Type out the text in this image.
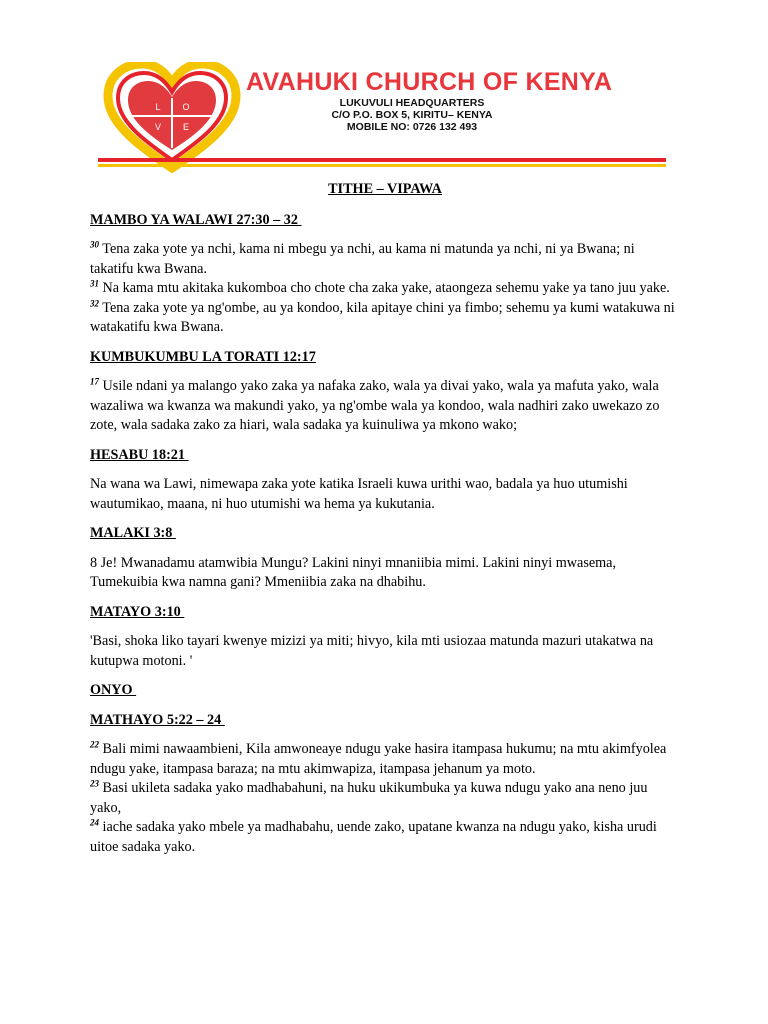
L O
V E
AVAHUKI CHURCH OF KENYA
LUKUVULI HEADQUARTERS
C/O P.O. BOX 5, KIRITU– KENYA
MOBILE NO: 0726 132 493
TITHE – VIPAWA
MAMBO YA WALAWI 27:30 – 32

$^{30}$ Tena zaka yote ya nchi, kama ni mbegu ya nchi, au kama ni matunda ya nchi, ni ya Bwana; ni takatifu kwa Bwana.

$^{31}$ Na kama mtu akitaka kukomboa cho chote cha zaka yake, ataongeza sehemu yake ya tano juu yake.

$^{32}$ Tena zaka yote ya ng'ombe, au ya kondoo, kila apitaye chini ya fimbo; sehemu ya kumi watakuwa ni watakatifu kwa Bwana.

KUMBUKUMBU LA TORATI 12:17

$^{17}$ Usile ndani ya malango yako zaka ya nafaka zako, wala ya divai yako, wala ya mafuta yako, wala wazaliwa wa kwanza wa makundi yako, ya ng'ombe wala ya kondoo, wala nadhiri zako uwekazo zo zote, wala sadaka zako za hiari, wala sadaka ya kuinuliwa ya mkono wako;

HESABU 18:21

Na wana wa Lawi, nimewapa zaka yote katika Israeli kuwa urithi wao, badala ya huo utumishi wautumikao, maana, ni huo utumishi wa hema ya kukutania.

MALAKI 3:8

8 Je! Mwanadamu atamwibia Mungu? Lakini ninyi mnaniibia mimi. Lakini ninyi mwasema, Tumekuibia kwa namna gani? Mmeniibia zaka na dhabihu.

MATAYO 3:10

'Basi, shoka liko tayari kwenye mizizi ya miti; hivyo, kila mti usiozaa matunda mazuri utakatwa na kutupwa motoni. '

ONYO
MATHAYO 5:22 – 24

$^{22}$ Bali mimi nawaambieni, Kila amwoneaye ndugu yake hasira itampasa hukumu; na mtu akimfyolea ndugu yake, itampasa baraza; na mtu akimwapiza, itampasa jehanum ya moto.

$^{23}$ Basi ukileta sadaka yako madhabahuni, na huku ukikumbuka ya kuwa ndugu yako ana neno juu yako,

$^{24}$ iache sadaka yako mbele ya madhabahu, uende zako, upatane kwanza na ndugu yako, kisha urudi uitoe sadaka yako.
